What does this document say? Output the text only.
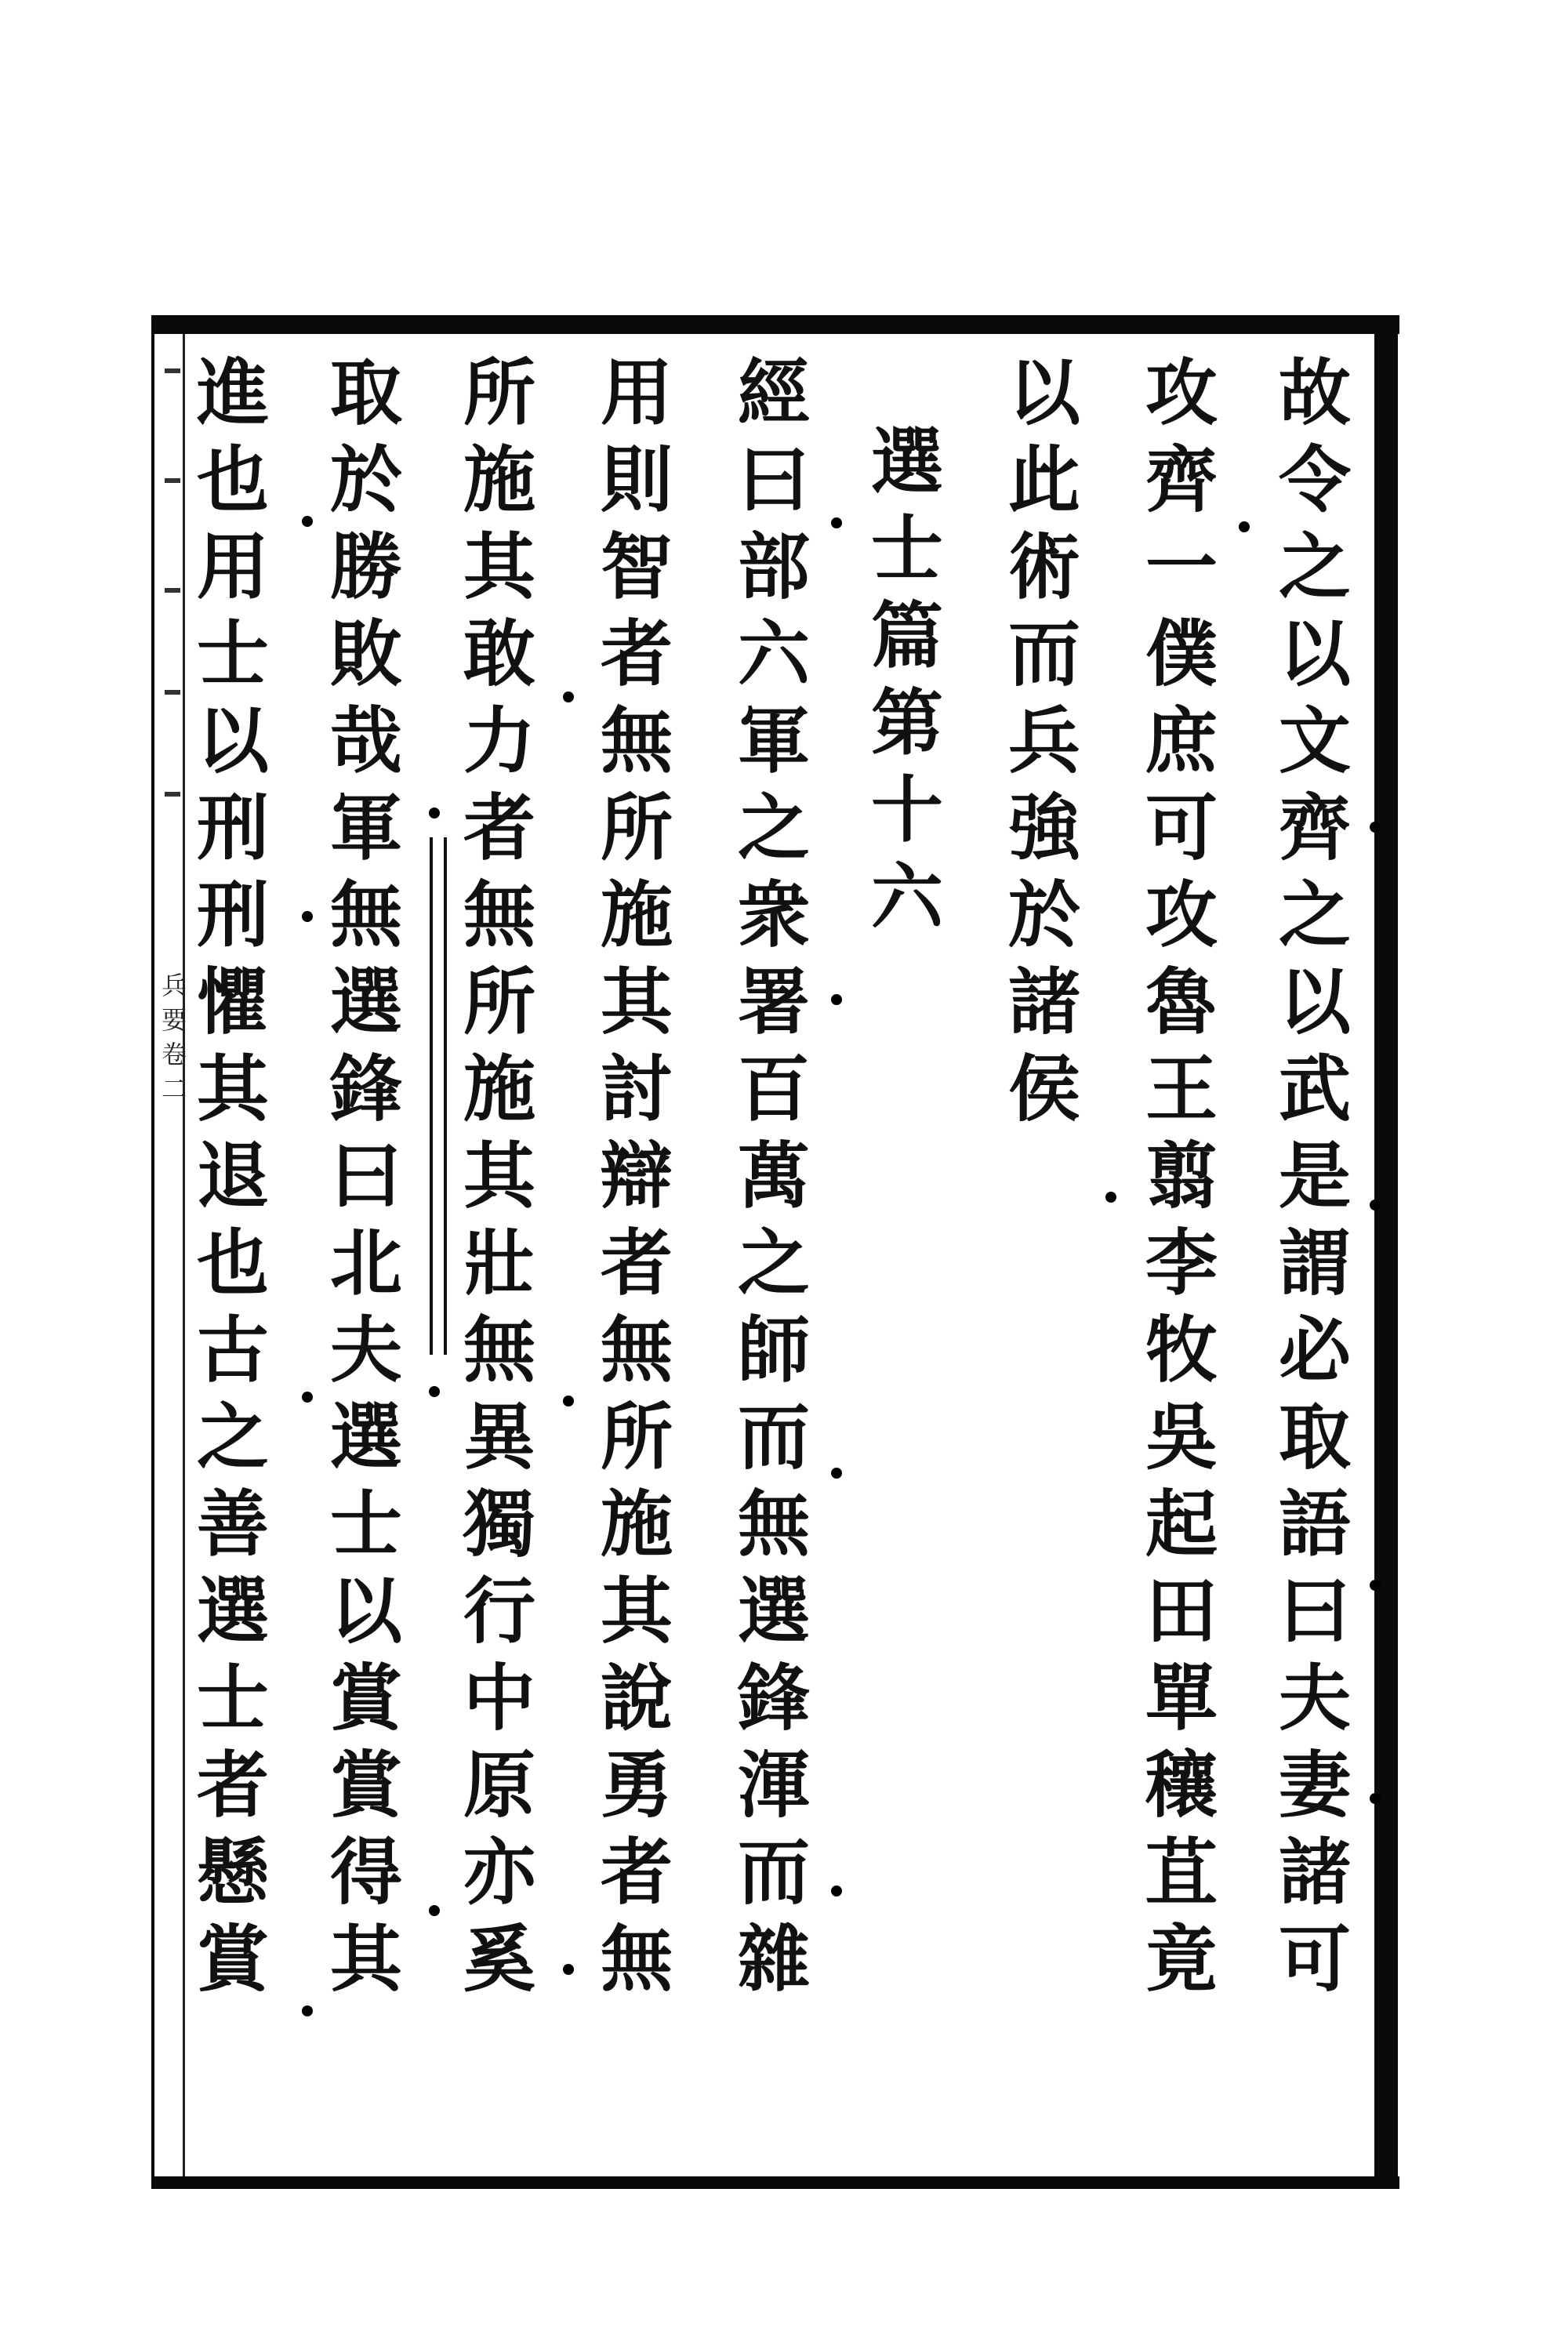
故令之以文齊之以武是謂必取語曰夫妻諸可
攻齊一僕庶可攻魯王翦李牧吳起田單穰苴竟
以此術而兵強於諸侯
選士篇第十六
經曰部六軍之衆署百萬之師而無選鋒渾而雜
用則智者無所施其討辯者無所施其說勇者無
所施其敢力者無所施其壯無異獨行中原亦奚
取於勝敗哉軍無選鋒曰北夫選士以賞賞得其
進也用士以刑刑懼其退也古之善選士者懸賞
兵要卷二
